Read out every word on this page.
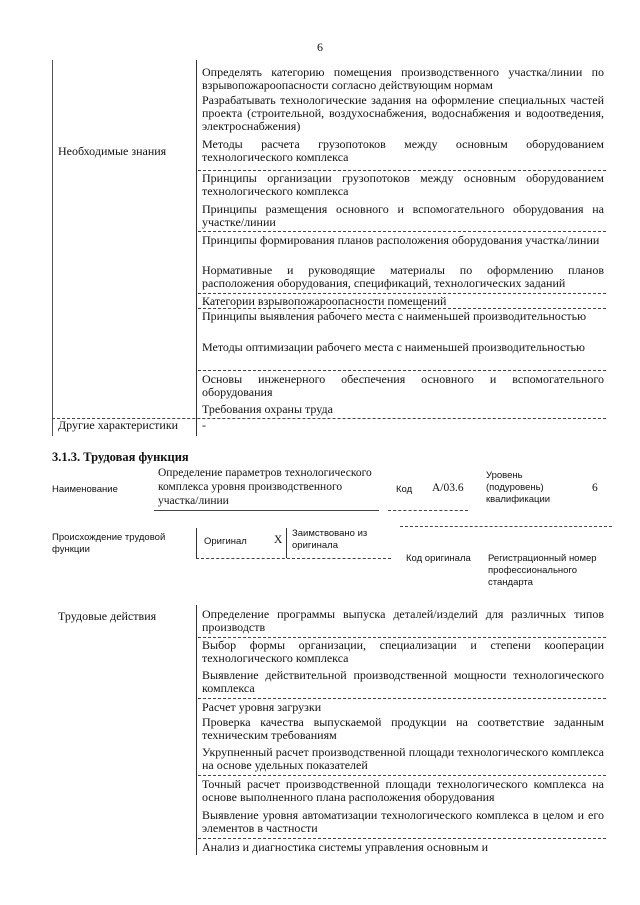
6
Необходимые знания
Определять категорию помещения производственного участка/линии по взрывопожароопасности согласно действующим нормам
Разрабатывать технологические задания на оформление специальных частей проекта (строительной, воздухоснабжения, водоснабжения и водоотведения, электроснабжения)
Методы расчета грузопотоков между основным оборудованием технологического комплекса
Принципы организации грузопотоков между основным оборудованием технологического комплекса
Принципы размещения основного и вспомогательного оборудования на участке/линии
Принципы формирования планов расположения оборудования участка/линии
Нормативные и руководящие материалы по оформлению планов расположения оборудования, спецификаций, технологических заданий
Категории взрывопожароопасности помещений
Принципы выявления рабочего места с наименьшей производительностью
Методы оптимизации рабочего места с наименьшей производительностью
Основы инженерного обеспечения основного и вспомогательного оборудования
Требования охраны труда
Другие характеристики	-
3.1.3. Трудовая функция
Наименование
Определение параметров технологического комплекса уровня производственного участка/линии
Код A/03.6
Уровень (подуровень) квалификации
6
Происхождение трудовой функции
Оригинал X
Заимствовано из оригинала
Код оригинала Регистрационный номер профессионального стандарта
Трудовые действия	Определение программы выпуска деталей/изделий для различных типов производств
Выбор формы организации, специализации и степени кооперации технологического комплекса
Выявление действительной производственной мощности технологического комплекса
Расчет уровня загрузки
Проверка качества выпускаемой продукции на соответствие заданным техническим требованиям
Укрупненный расчет производственной площади технологического комплекса на основе удельных показателей
Точный расчет производственной площади технологического комплекса на основе выполненного плана расположения оборудования
Выявление уровня автоматизации технологического комплекса в целом и его элементов в частности
Анализ и диагностика системы управления основным и
